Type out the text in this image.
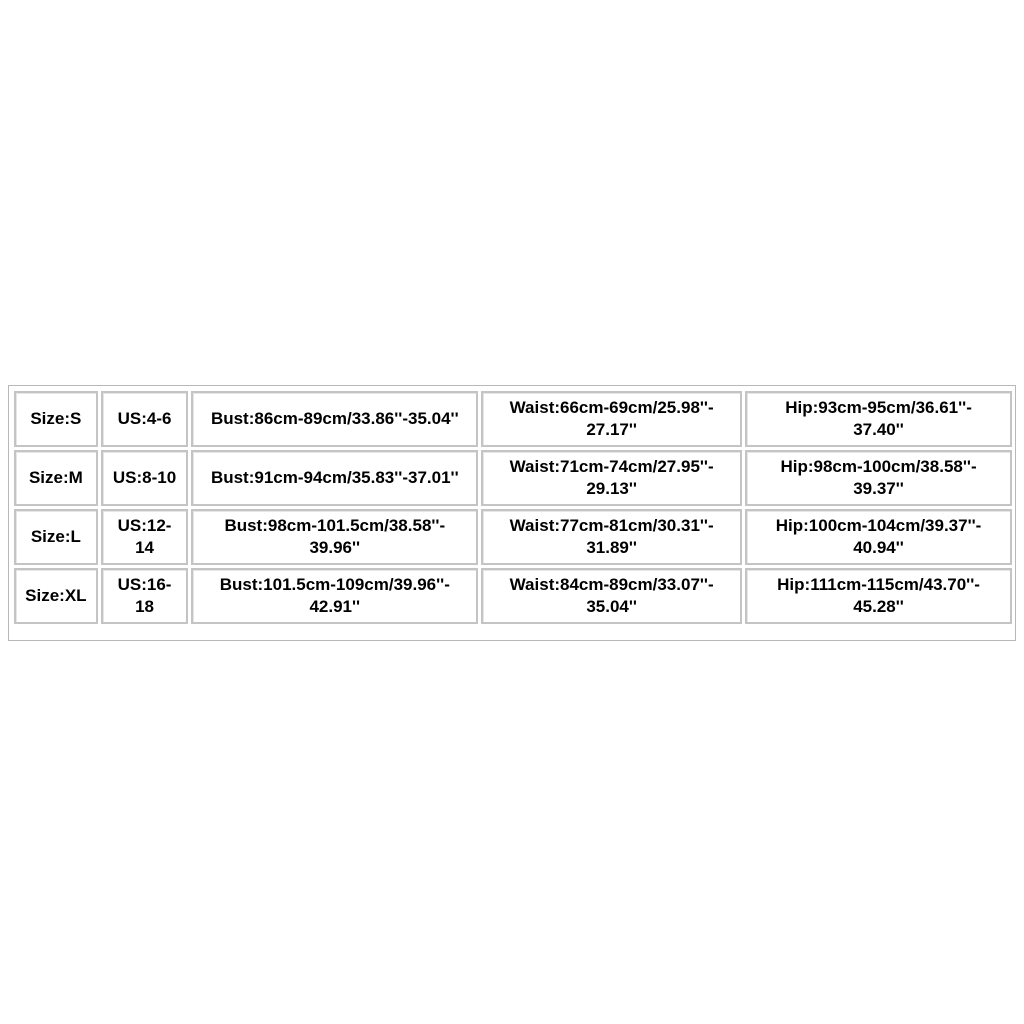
Size:S	US:4-6	Bust:86cm-89cm/33.86''-35.04''	Waist:66cm-69cm/25.98''-
27.17''	Hip:93cm-95cm/36.61''-
37.40''
Size:M	US:8-10	Bust:91cm-94cm/35.83''-37.01''	Waist:71cm-74cm/27.95''-
29.13''	Hip:98cm-100cm/38.58''-
39.37''
Size:L	US:12-
14	Bust:98cm-101.5cm/38.58''-
39.96''	Waist:77cm-81cm/30.31''-
31.89''	Hip:100cm-104cm/39.37''-
40.94''
Size:XL	US:16-
18	Bust:101.5cm-109cm/39.96''-
42.91''	Waist:84cm-89cm/33.07''-
35.04''	Hip:111cm-115cm/43.70''-
45.28''
